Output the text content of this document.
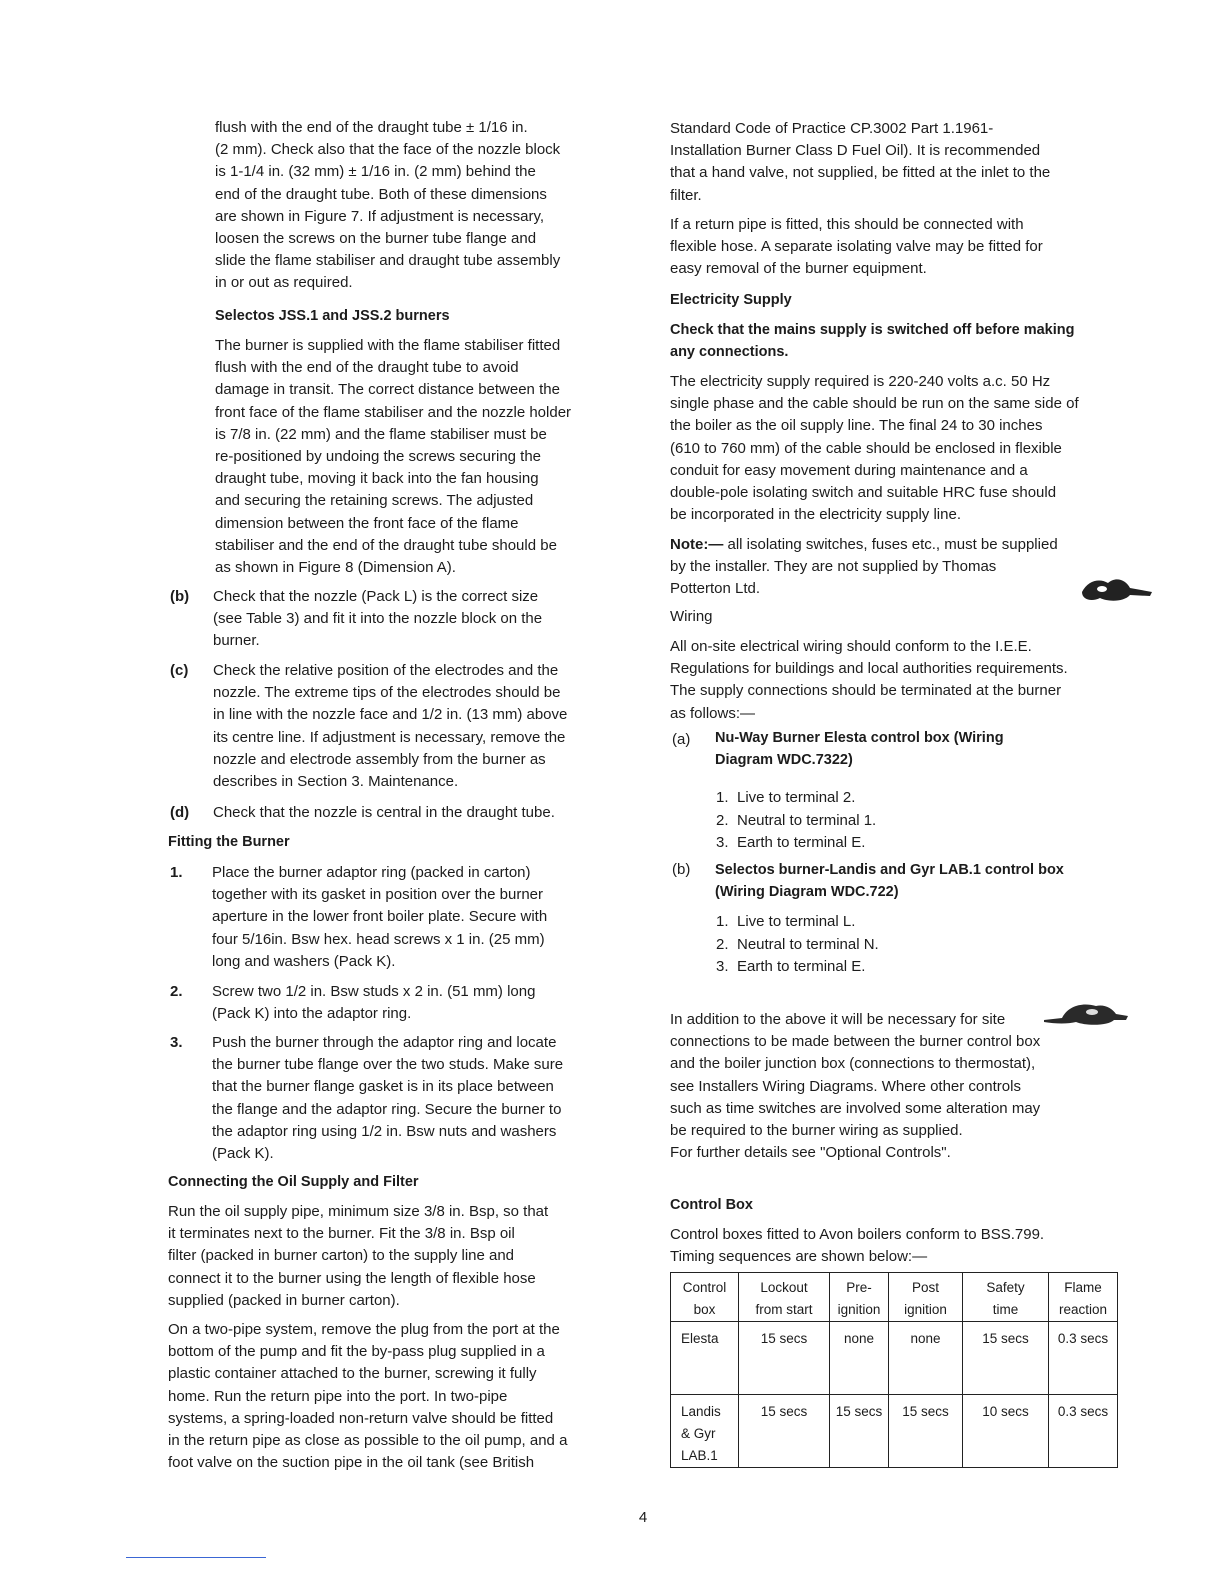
flush with the end of the draught tube ± 1/16 in.
(2 mm). Check also that the face of the nozzle block
is 1-1/4 in. (32 mm) ± 1/16 in. (2 mm) behind the
end of the draught tube. Both of these dimensions
are shown in Figure 7. If adjustment is necessary,
loosen the screws on the burner tube flange and
slide the flame stabiliser and draught tube assembly
in or out as required.
Selectos JSS.1 and JSS.2 burners
The burner is supplied with the flame stabiliser fitted
flush with the end of the draught tube to avoid
damage in transit. The correct distance between the
front face of the flame stabiliser and the nozzle holder
is 7/8 in. (22 mm) and the flame stabiliser must be
re-positioned by undoing the screws securing the
draught tube, moving it back into the fan housing
and securing the retaining screws. The adjusted
dimension between the front face of the flame
stabiliser and the end of the draught tube should be
as shown in Figure 8 (Dimension A).
(b) Check that the nozzle (Pack L) is the correct size
(see Table 3) and fit it into the nozzle block on the
burner.
(c) Check the relative position of the electrodes and the
nozzle. The extreme tips of the electrodes should be
in line with the nozzle face and 1/2 in. (13 mm) above
its centre line. If adjustment is necessary, remove the
nozzle and electrode assembly from the burner as
describes in Section 3. Maintenance.
(d) Check that the nozzle is central in the draught tube.
Fitting the Burner
1. Place the burner adaptor ring (packed in carton)
together with its gasket in position over the burner
aperture in the lower front boiler plate. Secure with
four 5/16in. Bsw hex. head screws x 1 in. (25 mm)
long and washers (Pack K).
2. Screw two 1/2 in. Bsw studs x 2 in. (51 mm) long
(Pack K) into the adaptor ring.
3. Push the burner through the adaptor ring and locate
the burner tube flange over the two studs. Make sure
that the burner flange gasket is in its place between
the flange and the adaptor ring. Secure the burner to
the adaptor ring using 1/2 in. Bsw nuts and washers
(Pack K).
Connecting the Oil Supply and Filter
Run the oil supply pipe, minimum size 3/8 in. Bsp, so that
it terminates next to the burner. Fit the 3/8 in. Bsp oil
filter (packed in burner carton) to the supply line and
connect it to the burner using the length of flexible hose
supplied (packed in burner carton).
On a two-pipe system, remove the plug from the port at the
bottom of the pump and fit the by-pass plug supplied in a
plastic container attached to the burner, screwing it fully
home. Run the return pipe into the port. In two-pipe
systems, a spring-loaded non-return valve should be fitted
in the return pipe as close as possible to the oil pump, and a
foot valve on the suction pipe in the oil tank (see British
Standard Code of Practice CP.3002 Part 1.1961-
Installation Burner Class D Fuel Oil). It is recommended
that a hand valve, not supplied, be fitted at the inlet to the
filter.
If a return pipe is fitted, this should be connected with
flexible hose. A separate isolating valve may be fitted for
easy removal of the burner equipment.
Electricity Supply
Check that the mains supply is switched off before making
any connections.
The electricity supply required is 220-240 volts a.c. 50 Hz
single phase and the cable should be run on the same side of
the boiler as the oil supply line. The final 24 to 30 inches
(610 to 760 mm) of the cable should be enclosed in flexible
conduit for easy movement during maintenance and a
double-pole isolating switch and suitable HRC fuse should
be incorporated in the electricity supply line.
Note:— all isolating switches, fuses etc., must be supplied
by the installer. They are not supplied by Thomas
Potterton Ltd.
Wiring
All on-site electrical wiring should conform to the I.E.E.
Regulations for buildings and local authorities requirements.
The supply connections should be terminated at the burner
as follows:—
(a) Nu-Way Burner Elesta control box (Wiring
Diagram WDC.7322)
1. Live to terminal 2.
2. Neutral to terminal 1.
3. Earth to terminal E.
(b) Selectos burner-Landis and Gyr LAB.1 control box
(Wiring Diagram WDC.722)
1. Live to terminal L.
2. Neutral to terminal N.
3. Earth to terminal E.
In addition to the above it will be necessary for site
connections to be made between the burner control box
and the boiler junction box (connections to thermostat),
see Installers Wiring Diagrams. Where other controls
such as time switches are involved some alteration may
be required to the burner wiring as supplied.
For further details see "Optional Controls".
Control Box
Control boxes fitted to Avon boilers conform to BSS.799.
Timing sequences are shown below:—
Control
box	Lockout
from start	Pre-
ignition	Post
ignition	Safety
time	Flame
reaction
Elesta	15 secs	none	none	15 secs	0.3 secs
Landis
& Gyr
LAB.1	15 secs	15 secs	15 secs	10 secs	0.3 secs
4
